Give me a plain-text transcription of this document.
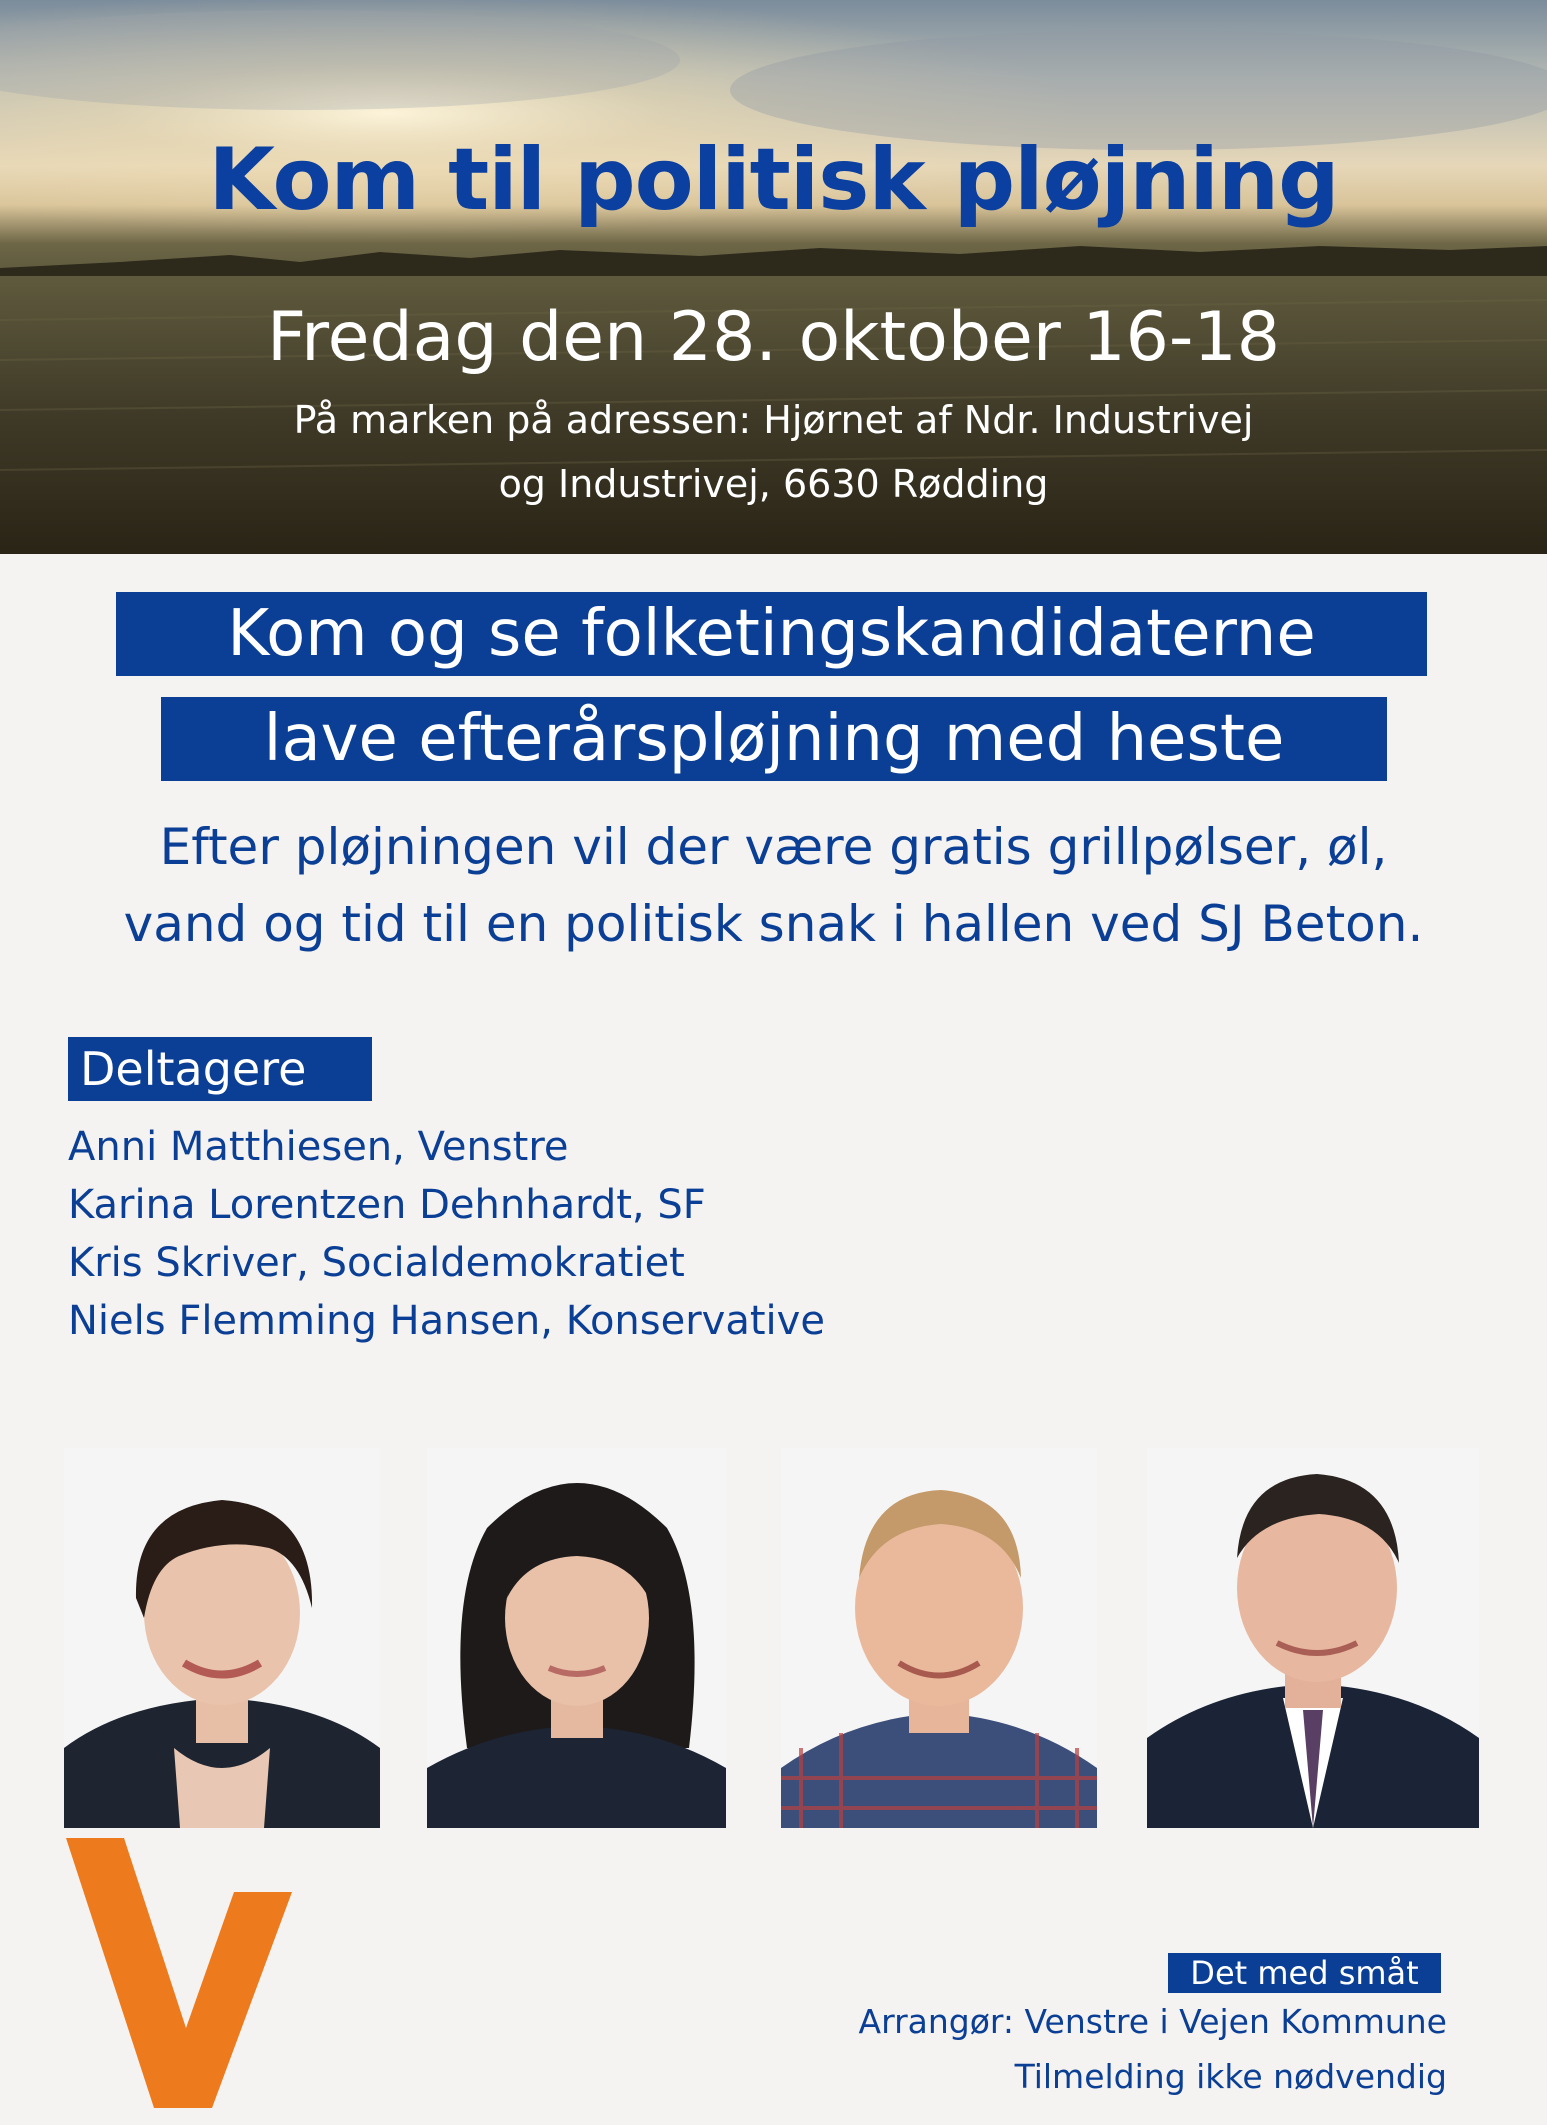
Kom til politisk pløjning
Fredag den 28. oktober 16-18
På marken på adressen: Hjørnet af Ndr. Industrivej
og Industrivej, 6630 Rødding
Kom og se folketingskandidaterne
lave efterårspløjning med heste
Efter pløjningen vil der være gratis grillpølser, øl,
vand og tid til en politisk snak i hallen ved SJ Beton.
Deltagere
Anni Matthiesen, Venstre
Karina Lorentzen Dehnhardt, SF
Kris Skriver, Socialdemokratiet
Niels Flemming Hansen, Konservative
Det med småt
Arrangør: Venstre i Vejen Kommune
Tilmelding ikke nødvendig
